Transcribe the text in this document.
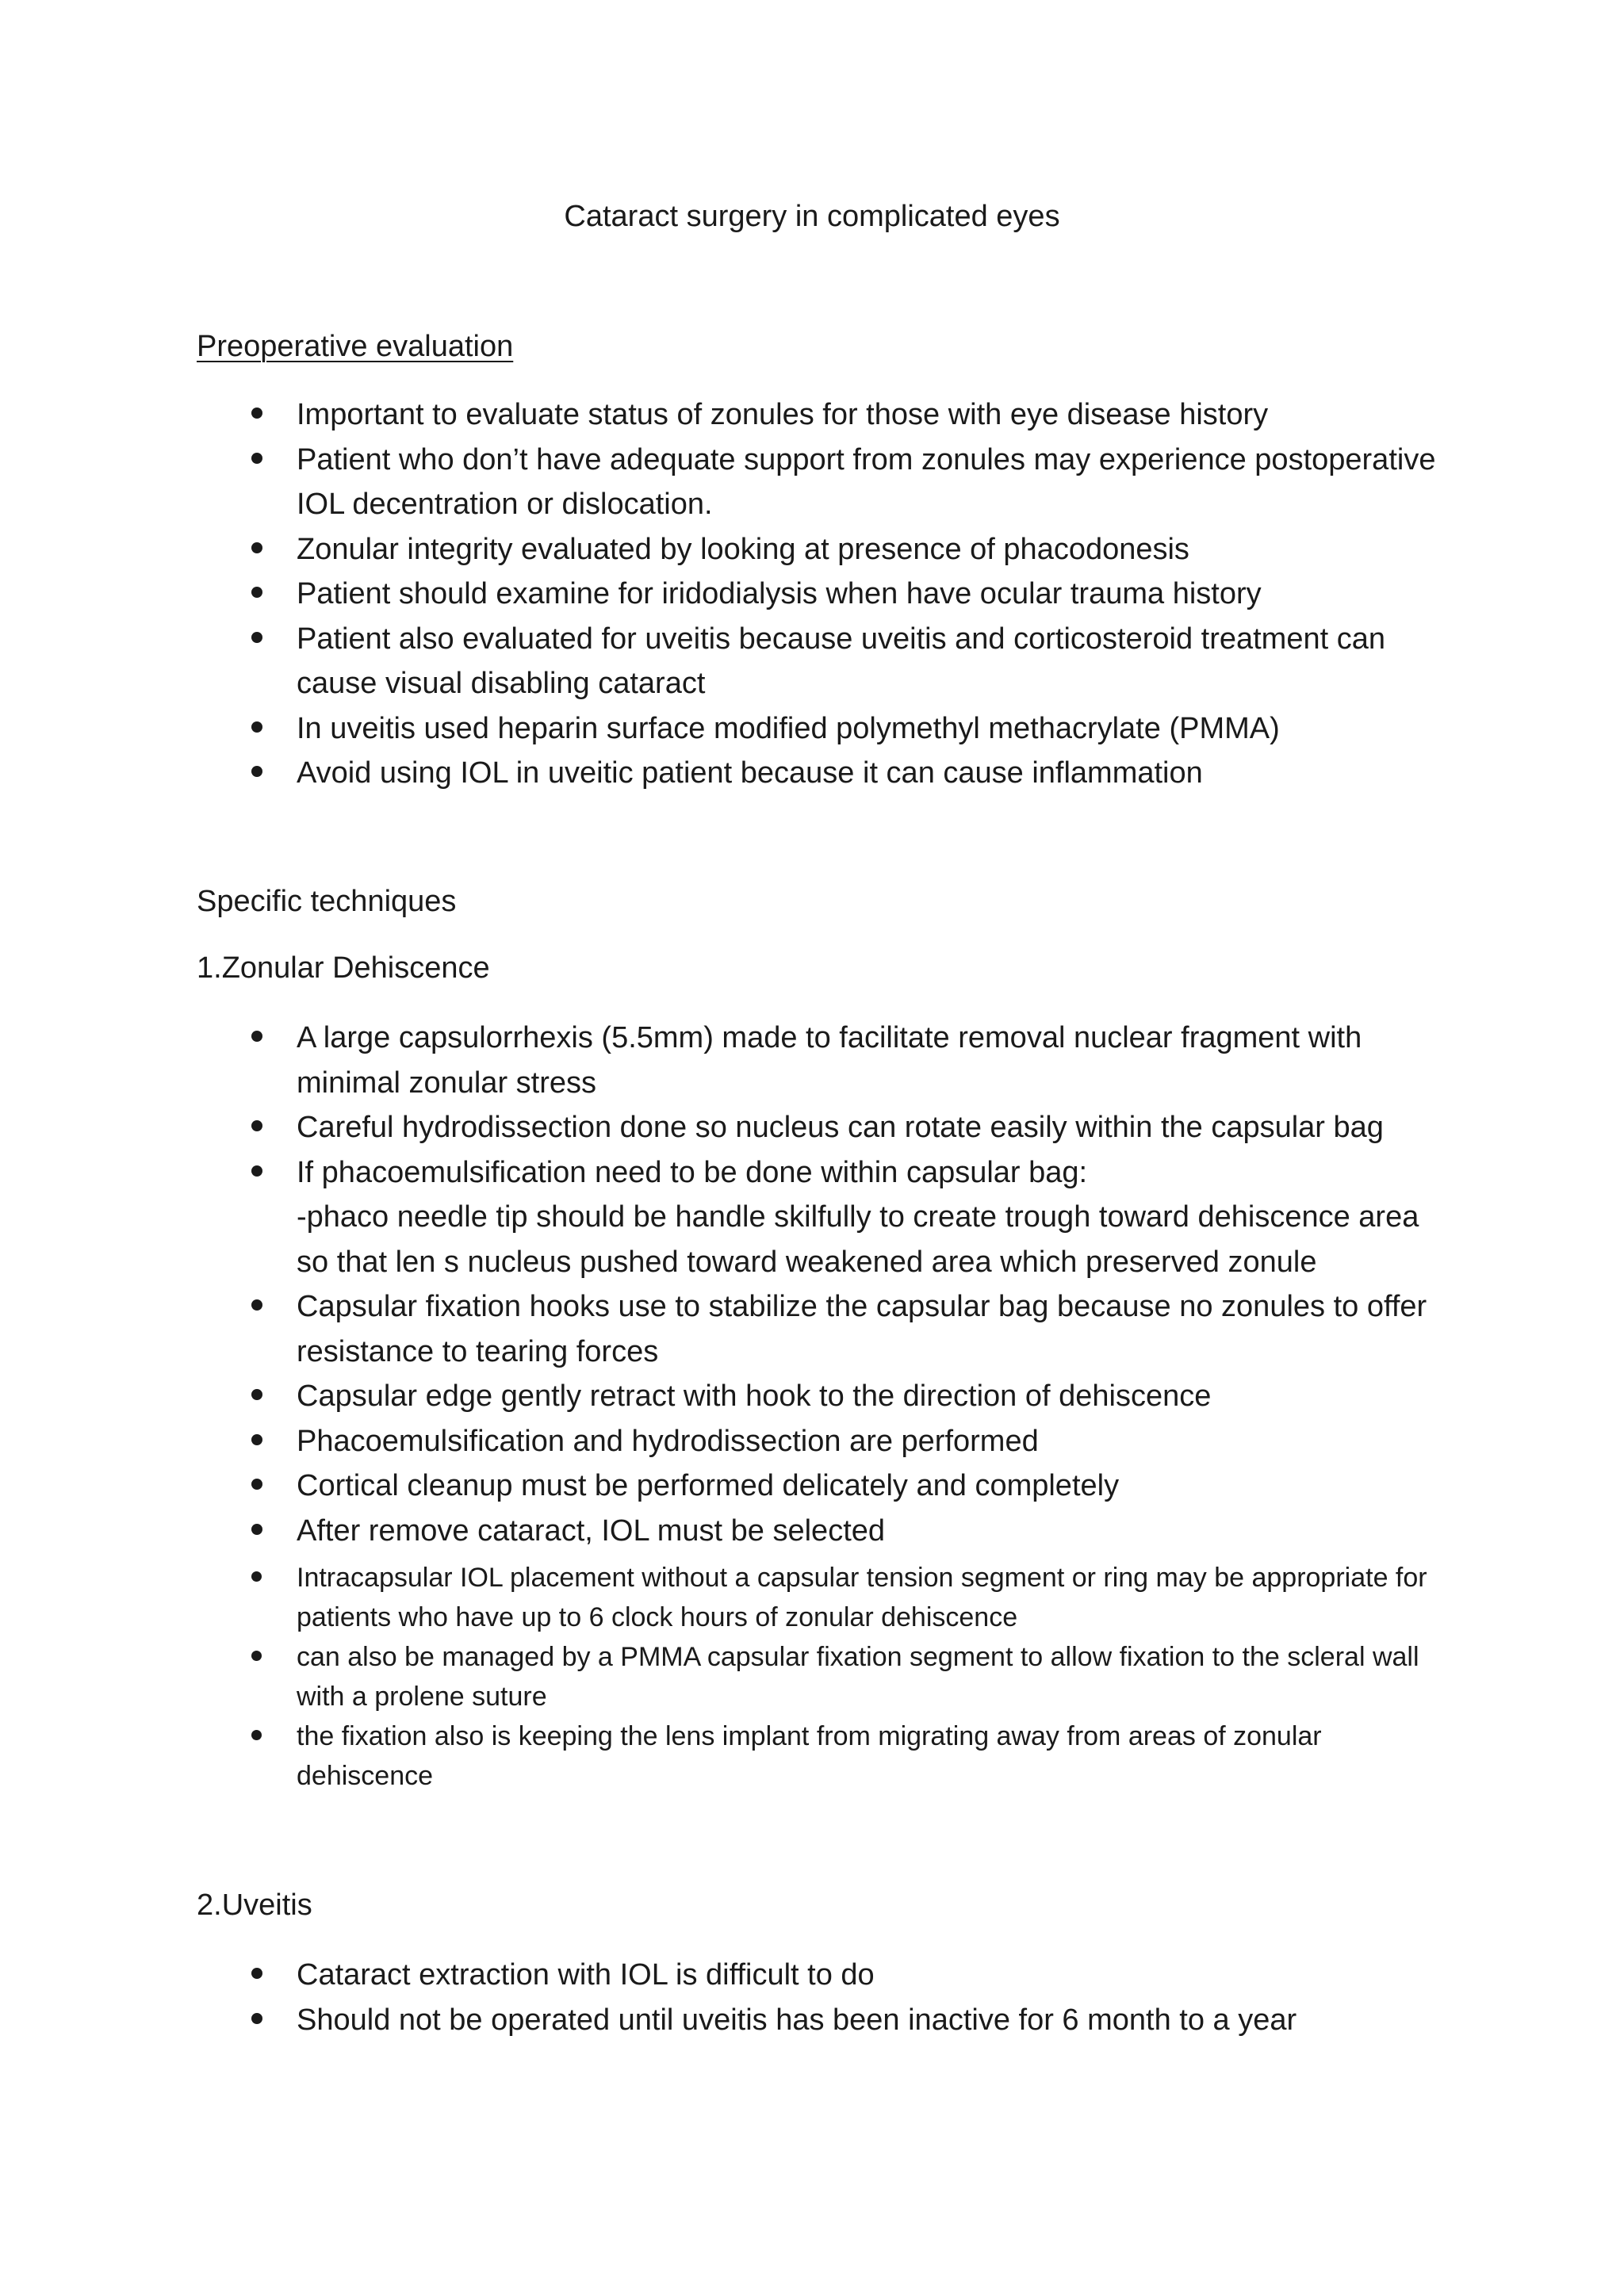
Cataract surgery in complicated eyes
Preoperative evaluation
Important to evaluate status of zonules for those with eye disease history
Patient who don’t have adequate support from zonules may experience postoperative IOL decentration or dislocation.
Zonular integrity evaluated by looking at presence of phacodonesis
Patient should examine for iridodialysis when have ocular trauma history
Patient also evaluated for uveitis because uveitis and corticosteroid treatment can cause visual disabling cataract
In uveitis used heparin surface modified polymethyl methacrylate (PMMA)
Avoid using IOL in uveitic patient because it can cause inflammation
Specific techniques
1.Zonular Dehiscence
A large capsulorrhexis (5.5mm) made to facilitate removal nuclear fragment with minimal zonular stress
Careful hydrodissection done so nucleus can rotate easily within the capsular bag
If phacoemulsification need to be done within capsular bag:
-phaco needle tip should be handle skilfully to create trough toward dehiscence area so that len s nucleus pushed toward weakened area which preserved zonule
Capsular fixation hooks use to stabilize the capsular bag because no zonules to offer resistance to tearing forces
Capsular edge gently retract with hook to the direction of dehiscence
Phacoemulsification and hydrodissection are performed
Cortical cleanup must be performed delicately and completely
After remove cataract, IOL must be selected
Intracapsular IOL placement without a capsular tension segment or ring may be appropriate for patients who have up to 6 clock hours of zonular dehiscence
can also be managed by a PMMA capsular fixation segment to allow fixation to the scleral wall with a prolene suture
the fixation also is keeping the lens implant from migrating away from areas of zonular dehiscence
2.Uveitis
Cataract extraction with IOL is difficult to do
Should not be operated until uveitis has been inactive for 6 month to a year
